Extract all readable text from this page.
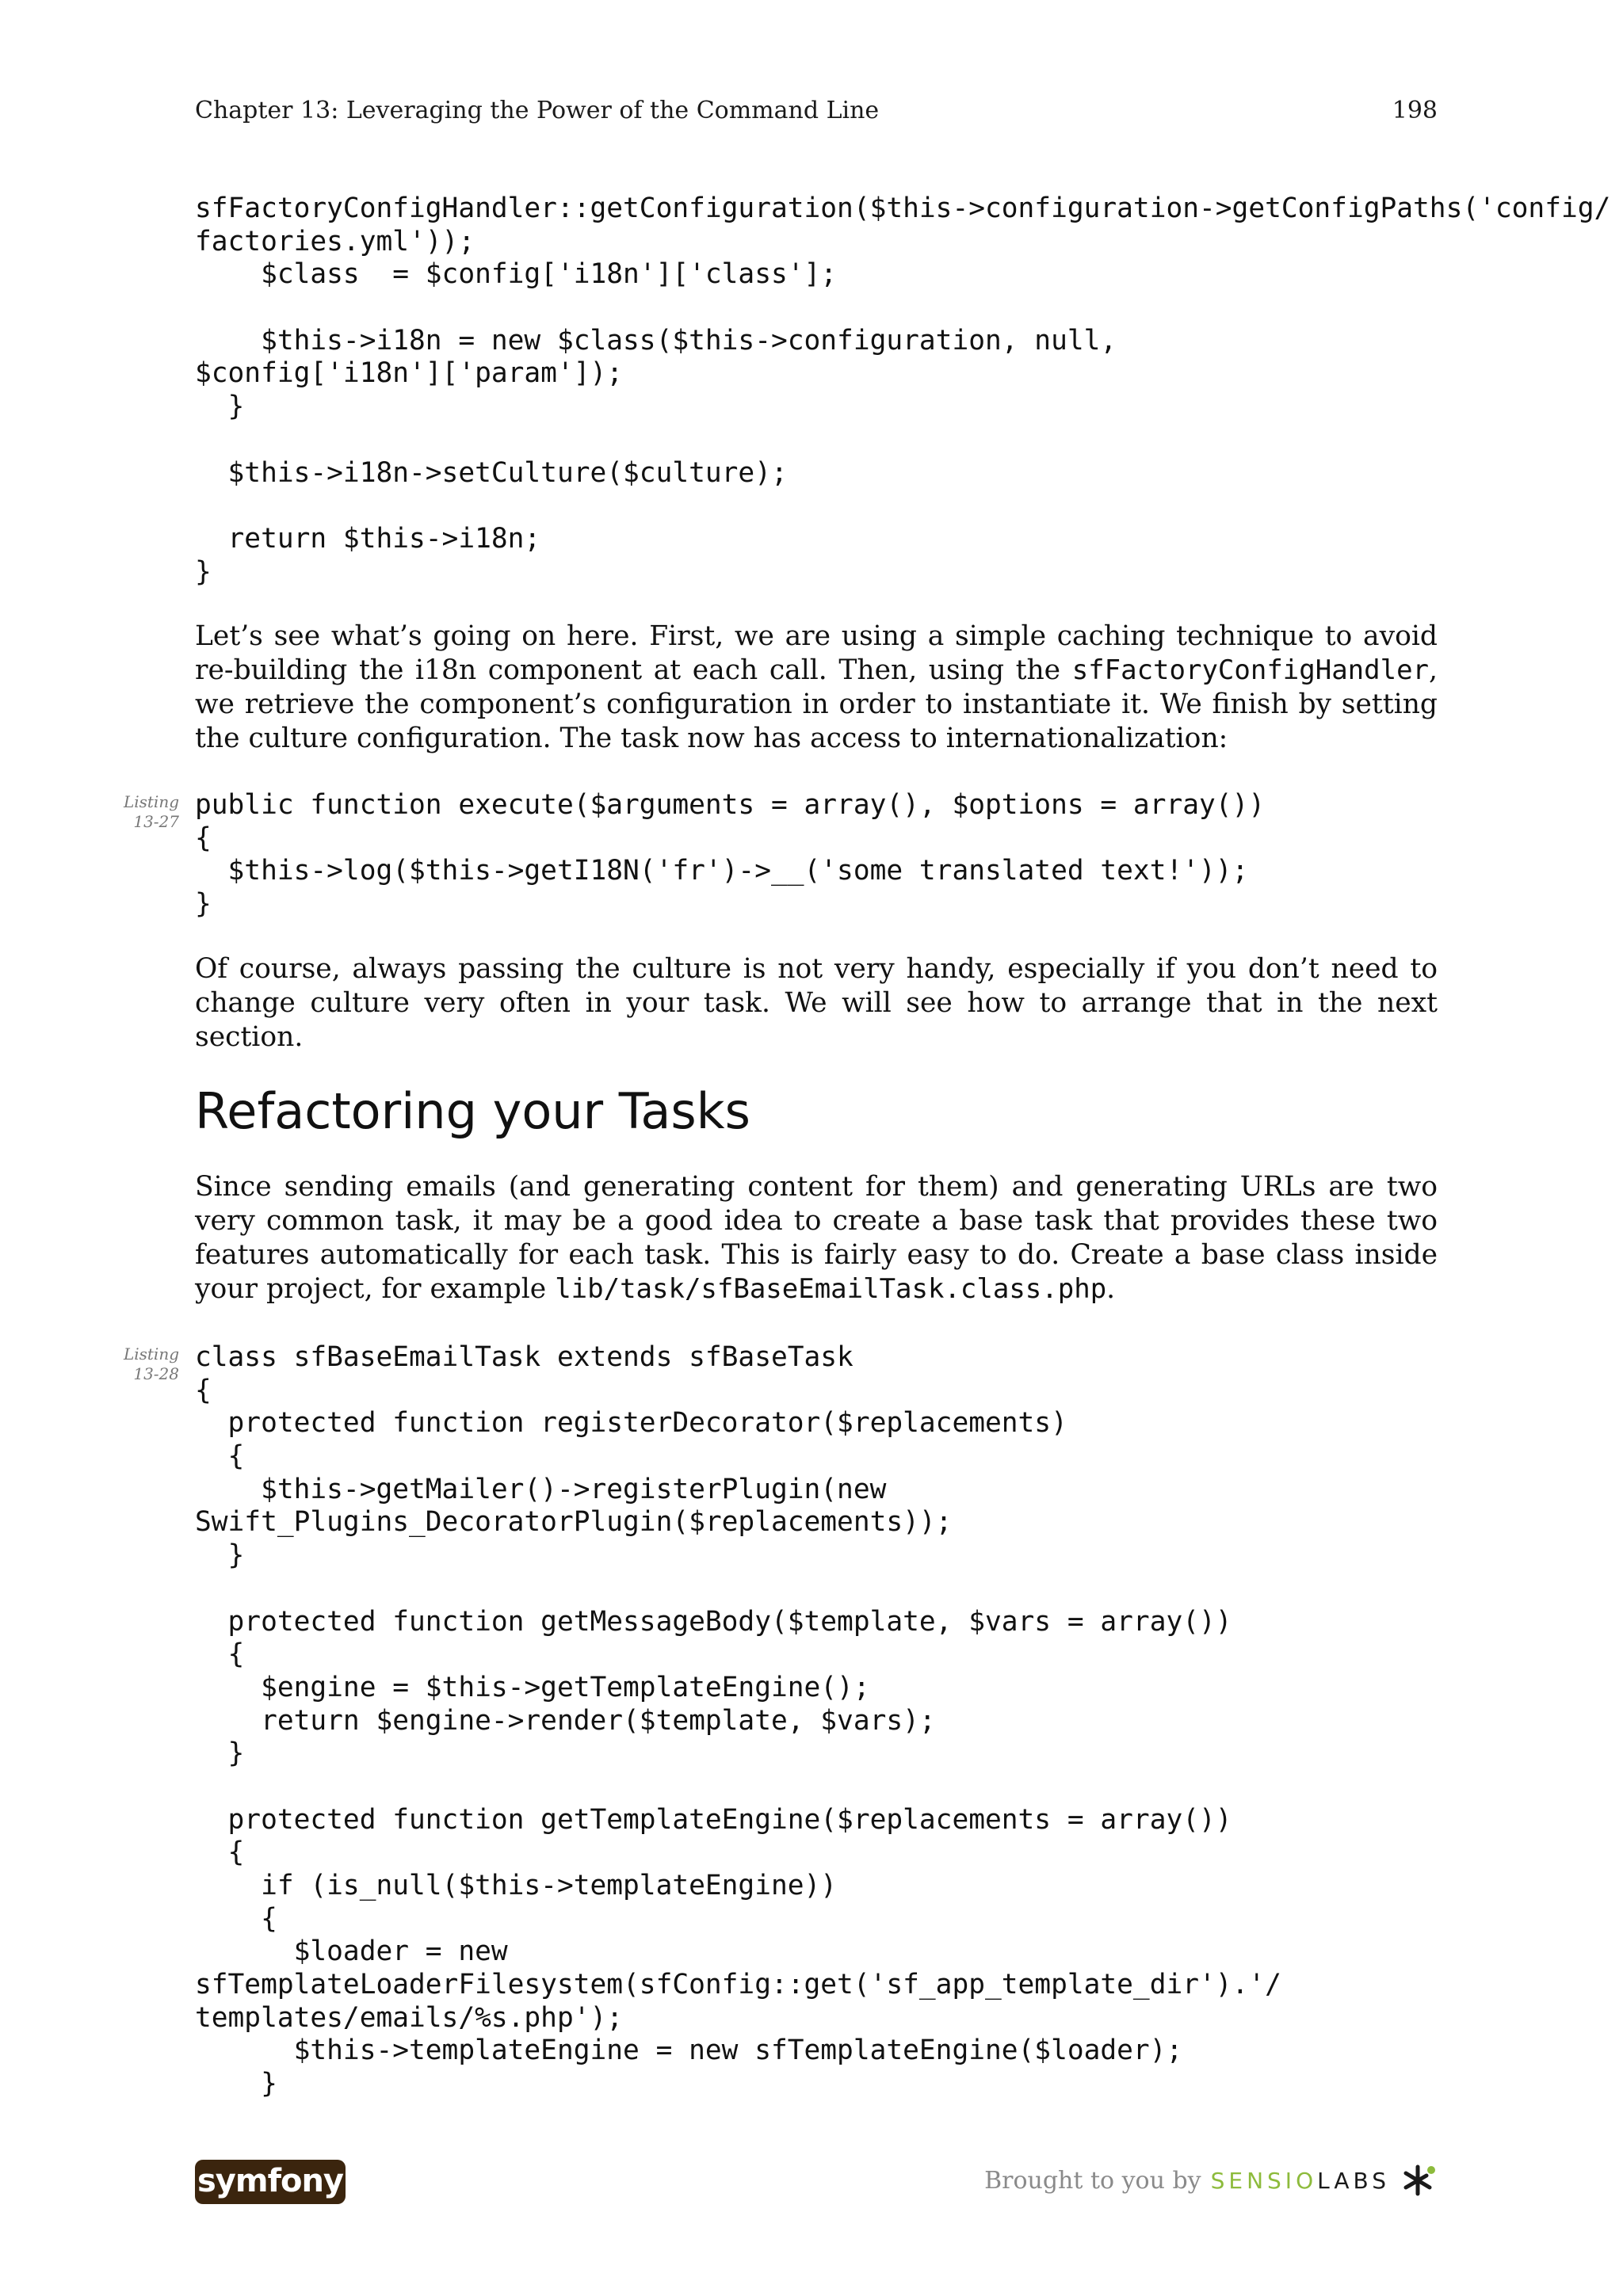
Chapter 13: Leveraging the Power of the Command Line	198
sfFactoryConfigHandler::getConfiguration($this->configuration->getConfigPaths('config/
factories.yml'));
$class  = $config['i18n']['class'];
$this->i18n = new $class($this->configuration, null,
$config['i18n']['param']);
}
$this->i18n->setCulture($culture);
return $this->i18n;
}

Let’s see what’s going on here. First, we are using a simple caching technique to avoid re-building the i18n component at each call. Then, using the sfFactoryConfigHandler, we retrieve the component’s configuration in order to instantiate it. We finish by setting the culture configuration. The task now has access to internationalization:

Listing
13-27
public function execute($arguments = array(), $options = array())
{
$this->log($this->getI18N('fr')->__('some translated text!'));
}

Of course, always passing the culture is not very handy, especially if you don’t need to change culture very often in your task. We will see how to arrange that in the next section.

Refactoring your Tasks

Since sending emails (and generating content for them) and generating URLs are two very common task, it may be a good idea to create a base task that provides these two features automatically for each task. This is fairly easy to do. Create a base class inside your project, for example lib/task/sfBaseEmailTask.class.php.

Listing
13-28
class sfBaseEmailTask extends sfBaseTask
{
protected function registerDecorator($replacements)
{
$this->getMailer()->registerPlugin(new
Swift_Plugins_DecoratorPlugin($replacements));
}
protected function getMessageBody($template, $vars = array())
{
$engine = $this->getTemplateEngine();
return $engine->render($template, $vars);
}
protected function getTemplateEngine($replacements = array())
{
if (is_null($this->templateEngine))
{
$loader = new
sfTemplateLoaderFilesystem(sfConfig::get('sf_app_template_dir').'/
templates/emails/%s.php');
$this->templateEngine = new sfTemplateEngine($loader);
}
symfony	Brought to you by SENSIO LABS
